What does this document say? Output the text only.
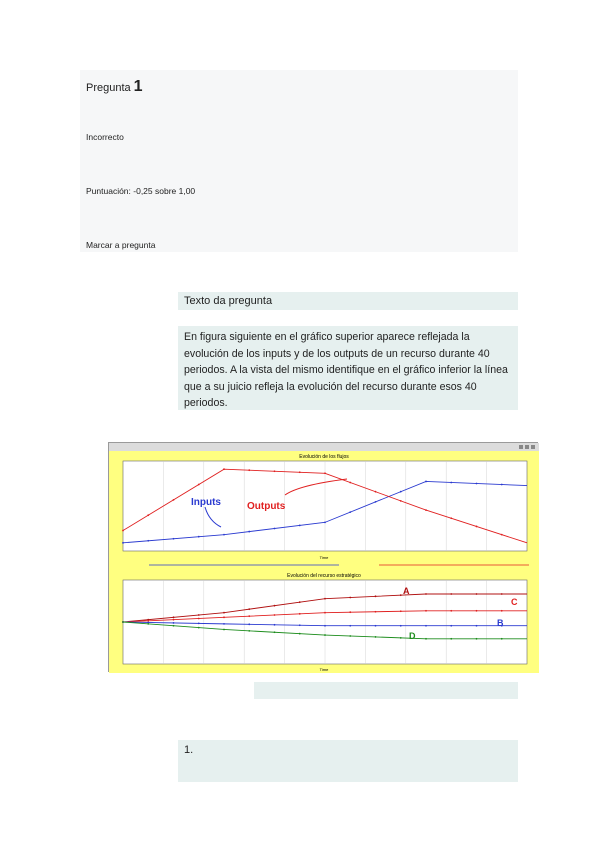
Pregunta 1
Incorrecto
Puntuación: -0,25 sobre 1,00
Marcar a pregunta
Texto da pregunta

En figura siguiente en el gráfico superior aparece reflejada la evolución de los inputs y de los outputs de un recurso durante 40 periodos. A la vista del mismo identifique en el gráfico inferior la línea que a su juicio refleja la evolución del recurso durante esos 40 periodos.

Evolución de los flujos
Time
Inputs	Outputs
Evolución del recurso estratégico
Time
A
B
C
D
1.
